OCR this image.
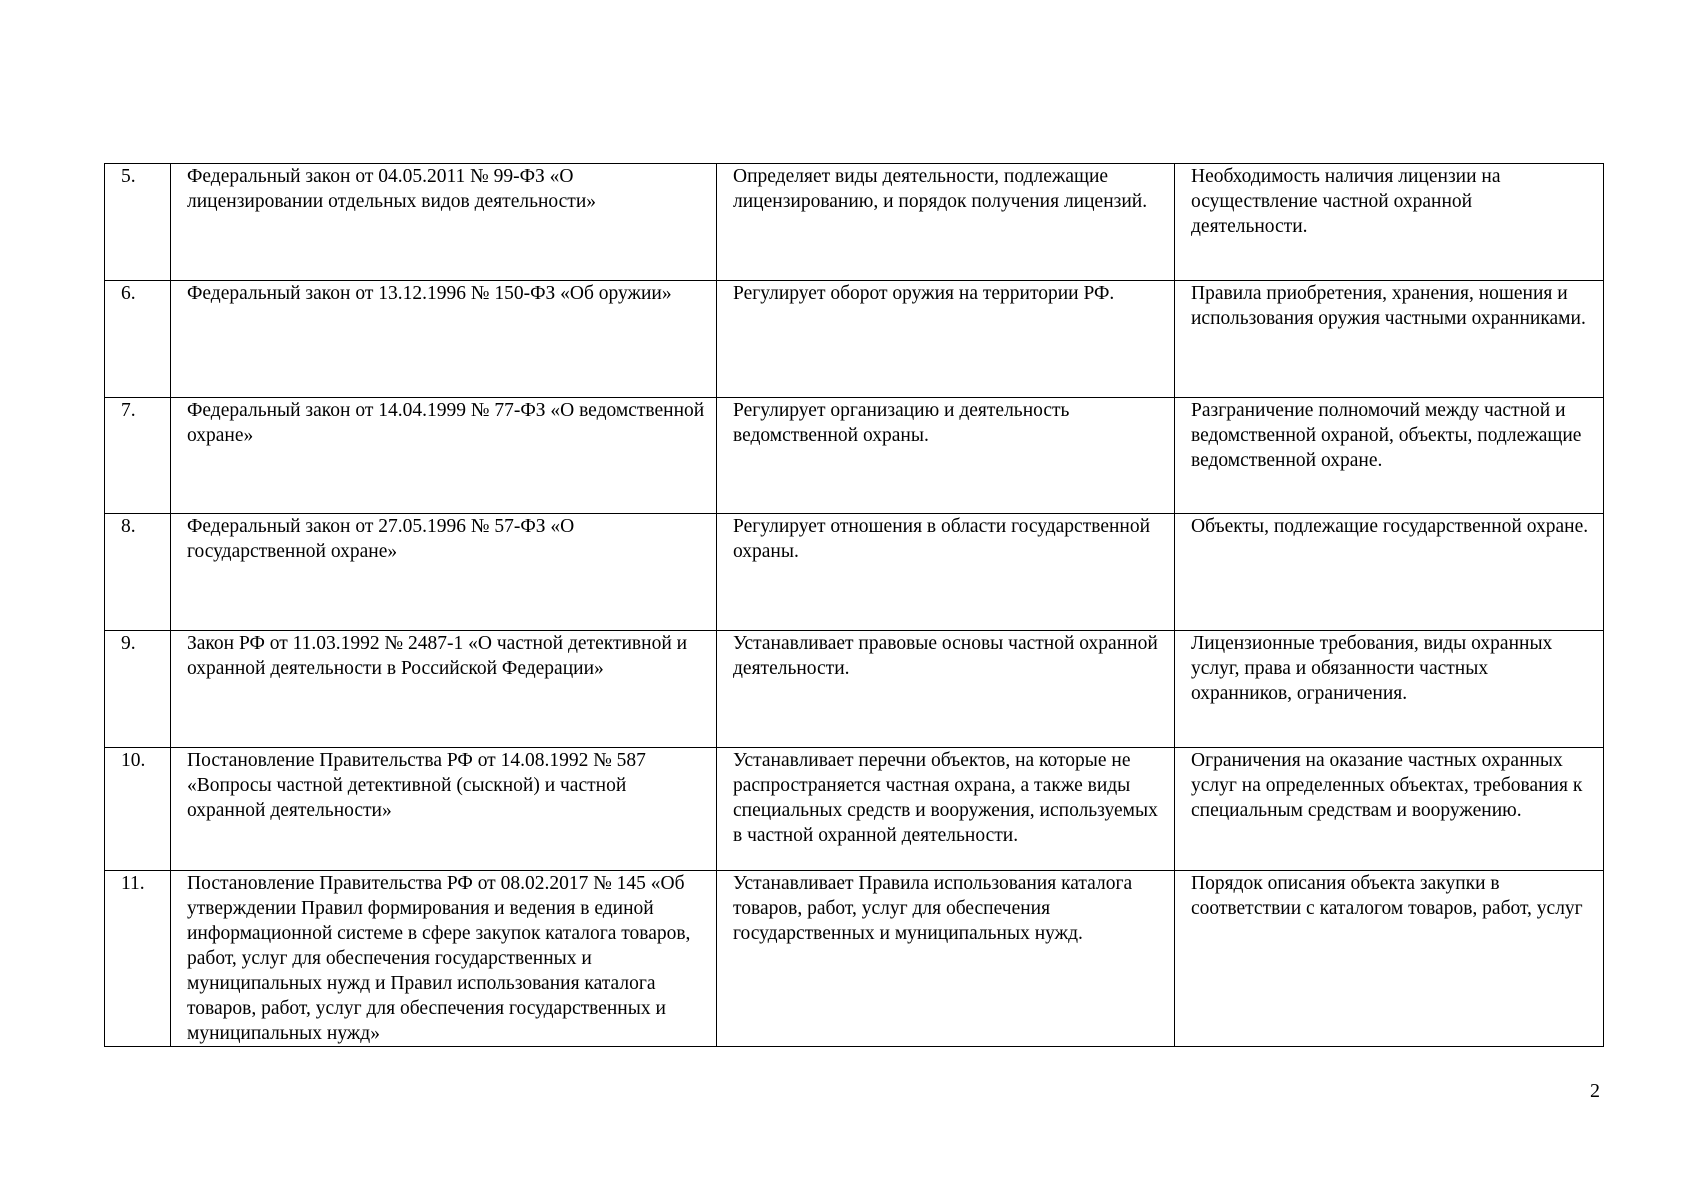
5.	Федеральный закон от 04.05.2011 № 99-ФЗ «О лицензировании отдельных видов деятельности»	Определяет виды деятельности, подлежащие лицензированию, и порядок получения лицензий.	Необходимость наличия лицензии на осуществление частной охранной деятельности.
6.	Федеральный закон от 13.12.1996 № 150-ФЗ «Об оружии»	Регулирует оборот оружия на территории РФ.	Правила приобретения, хранения, ношения и использования оружия частными охранниками.
7.	Федеральный закон от 14.04.1999 № 77-ФЗ «О ведомственной охране»	Регулирует организацию и деятельность ведомственной охраны.	Разграничение полномочий между частной и ведомственной охраной, объекты, подлежащие ведомственной охране.
8.	Федеральный закон от 27.05.1996 № 57-ФЗ «О государственной охране»	Регулирует отношения в области государственной охраны.	Объекты, подлежащие государственной охране.
9.	Закон РФ от 11.03.1992 № 2487-1 «О частной детективной и охранной деятельности в Российской Федерации»	Устанавливает правовые основы частной охранной деятельности.	Лицензионные требования, виды охранных услуг, права и обязанности частных охранников, ограничения.
10.	Постановление Правительства РФ от 14.08.1992 № 587 «Вопросы частной детективной (сыскной) и частной охранной деятельности»	Устанавливает перечни объектов, на которые не распространяется частная охрана, а также виды специальных средств и вооружения, используемых в частной охранной деятельности.	Ограничения на оказание частных охранных услуг на определенных объектах, требования к специальным средствам и вооружению.
11.	Постановление Правительства РФ от 08.02.2017 № 145 «Об утверждении Правил формирования и ведения в единой информационной системе в сфере закупок каталога товаров, работ, услуг для обеспечения государственных и муниципальных нужд и Правил использования каталога товаров, работ, услуг для обеспечения государственных и муниципальных нужд»	Устанавливает Правила использования каталога товаров, работ, услуг для обеспечения государственных и муниципальных нужд.	Порядок описания объекта закупки в соответствии с каталогом товаров, работ, услуг
2
